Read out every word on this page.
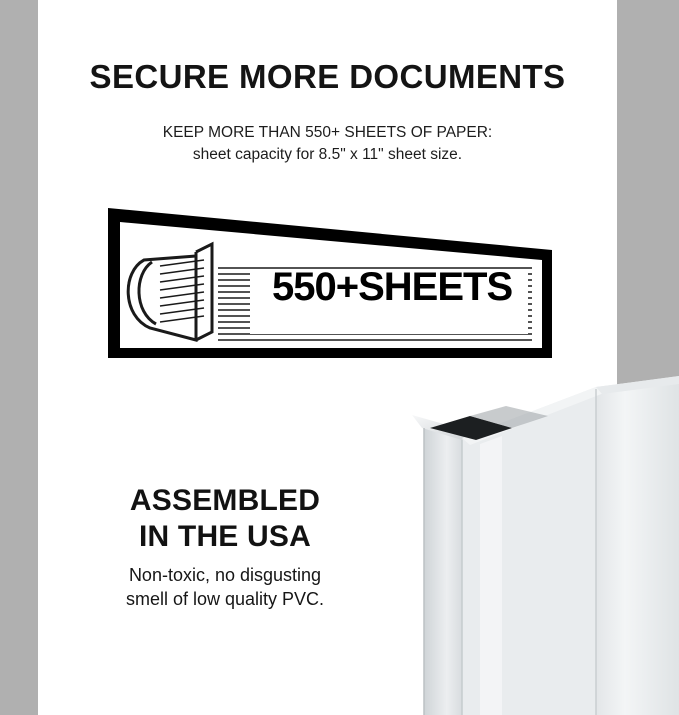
SECURE MORE DOCUMENTS
KEEP MORE THAN 550+ SHEETS OF PAPER:
sheet capacity for 8.5" x 11" sheet size.
550+SHEETS
ASSEMBLED
IN THE USA
Non-toxic, no disgusting
smell of low quality PVC.
